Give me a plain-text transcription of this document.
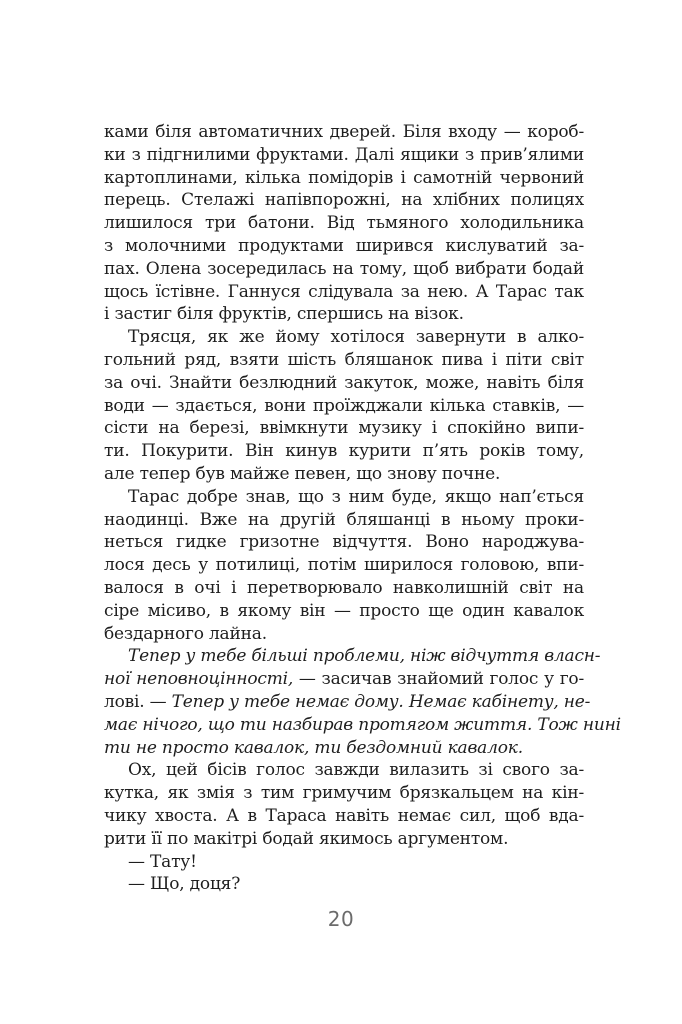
ками біля автоматичних дверей. Біля входу — короб-
ки з підгнилими фруктами. Далі ящики з прив’ялими
картоплинами, кілька помідорів і самотній червоний
перець. Стелажі напівпорожні, на хлібних полицях
лишилося три батони. Від тьмяного холодильника
з молочними продуктами ширився кислуватий за-
пах. Олена зосередилась на тому, щоб вибрати бодай
щось їстівне. Ганнуся слідувала за нею. А Тарас так
і застиг біля фруктів, спершись на візок.
Трясця, як же йому хотілося завернути в алко-
гольний ряд, взяти шість бляшанок пива і піти світ
за очі. Знайти безлюдний закуток, може, навіть біля
води — здається, вони проїжджали кілька ставків, —
сісти на березі, ввімкнути музику і спокійно випи-
ти. Покурити. Він кинув курити п’ять років тому,
але тепер був майже певен, що знову почне.
Тарас добре знав, що з ним буде, якщо нап’ється
наодинці. Вже на другій бляшанці в ньому проки-
неться гидке гризотне відчуття. Воно народжува-
лося десь у потилиці, потім ширилося головою, впи-
валося в очі і перетворювало навколишній світ на
сіре місиво, в якому він — просто ще один кавалок
бездарного лайна.
Тепер у тебе більші проблеми, ніж відчуття власн-
ної неповноцінності, — засичав знайомий голос у го-
лові. — Тепер у тебе немає дому. Немає кабінету, не-
має нічого, що ти назбирав протягом життя. Тож нині
ти не просто кавалок, ти бездомний кавалок.
Ох, цей бісів голос завжди вилазить зі свого за-
кутка, як змія з тим гримучим брязкальцем на кін-
чику хвоста. А в Тараса навіть немає сил, щоб вда-
рити її по макітрі бодай якимось аргументом.
— Тату!
— Що, доця?
20
